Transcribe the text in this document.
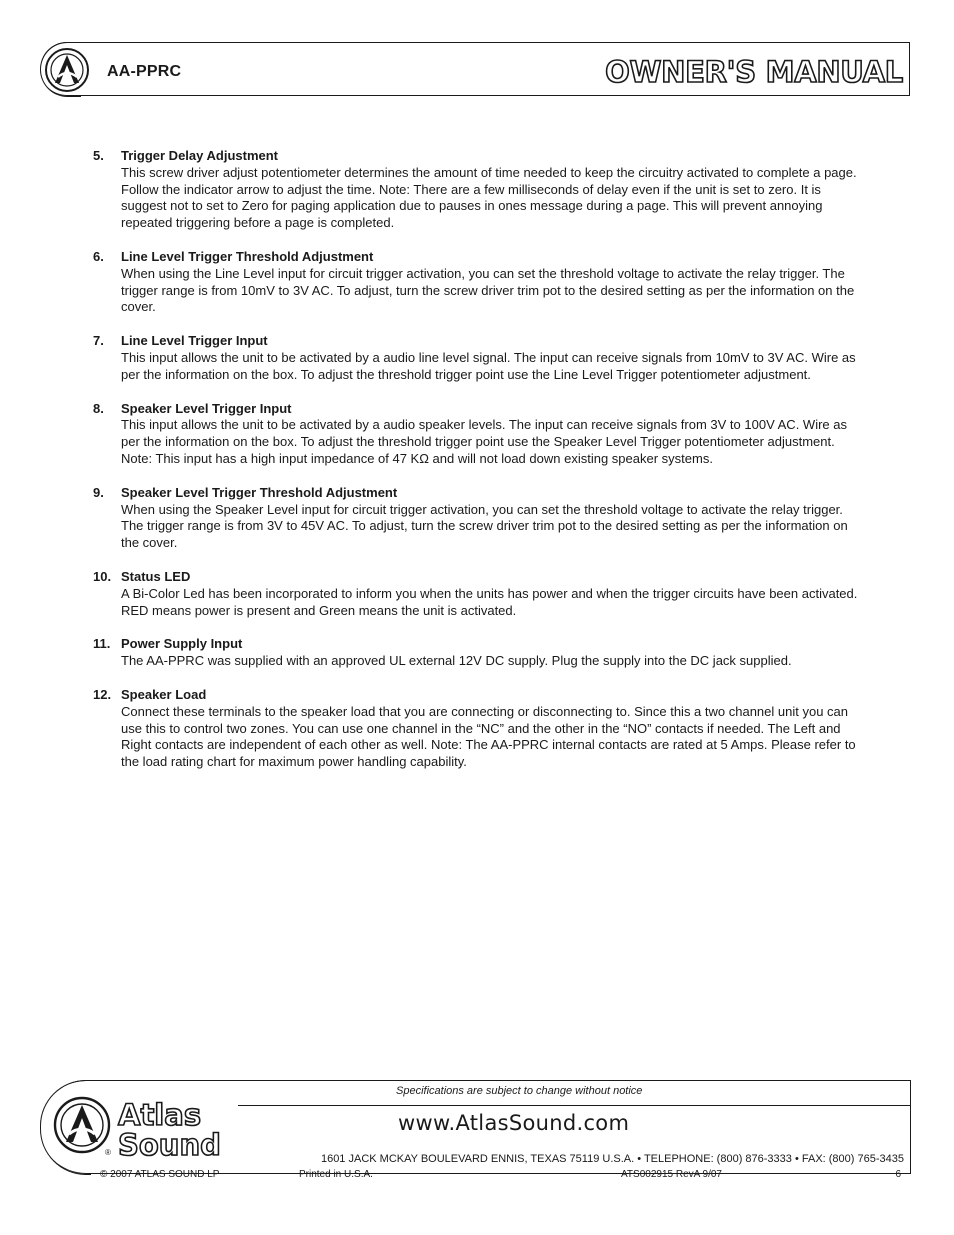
AA-PPRC	OWNER'S MANUAL
5. Trigger Delay Adjustment
This screw driver adjust potentiometer determines the amount of time needed to keep the circuitry activated to complete a page. Follow the indicator arrow to adjust the time. Note: There are a few milliseconds of delay even if the unit is set to zero. It is suggest not to set to Zero for paging application due to pauses in ones message during a page. This will prevent annoying repeated triggering before a page is completed.
6. Line Level Trigger Threshold Adjustment
When using the Line Level input for circuit trigger activation, you can set the threshold voltage to activate the relay trigger. The trigger range is from 10mV to 3V AC. To adjust, turn the screw driver trim pot to the desired setting as per the information on the cover.
7. Line Level Trigger Input
This input allows the unit to be activated by a audio line level signal. The input can receive signals from 10mV to 3V AC. Wire as per the information on the box. To adjust the threshold trigger point use the Line Level Trigger potentiometer adjustment.
8. Speaker Level Trigger Input
This input allows the unit to be activated by a audio speaker levels. The input can receive signals from 3V to 100V AC. Wire as per the information on the box. To adjust the threshold trigger point use the Speaker Level Trigger potentiometer adjustment. Note: This input has a high input impedance of 47 KΩ and will not load down existing speaker systems.
9. Speaker Level Trigger Threshold Adjustment
When using the Speaker Level input for circuit trigger activation, you can set the threshold voltage to activate the relay trigger. The trigger range is from 3V to 45V AC. To adjust, turn the screw driver trim pot to the desired setting as per the information on the cover.
10. Status LED
A Bi-Color Led has been incorporated to inform you when the units has power and when the trigger circuits have been activated. RED means power is present and Green means the unit is activated.
11. Power Supply Input
The AA-PPRC was supplied with an approved UL external 12V DC supply. Plug the supply into the DC jack supplied.
12. Speaker Load
Connect these terminals to the speaker load that you are connecting or disconnecting to. Since this a two channel unit you can use this to control two zones. You can use one channel in the “NC” and the other in the “NO” contacts if needed. The Left and Right contacts are independent of each other as well. Note: The AA-PPRC internal contacts are rated at 5 Amps. Please refer to the load rating chart for maximum power handling capability.
Specifications are subject to change without notice
Atlas
Sound
®
www.AtlasSound.com
1601 JACK MCKAY BOULEVARD ENNIS, TEXAS 75119 U.S.A. • TELEPHONE: (800) 876-3333 • FAX: (800) 765-3435
© 2007 ATLAS SOUND LP	Printed in U.S.A.	ATS002915 RevA 9/07	6
